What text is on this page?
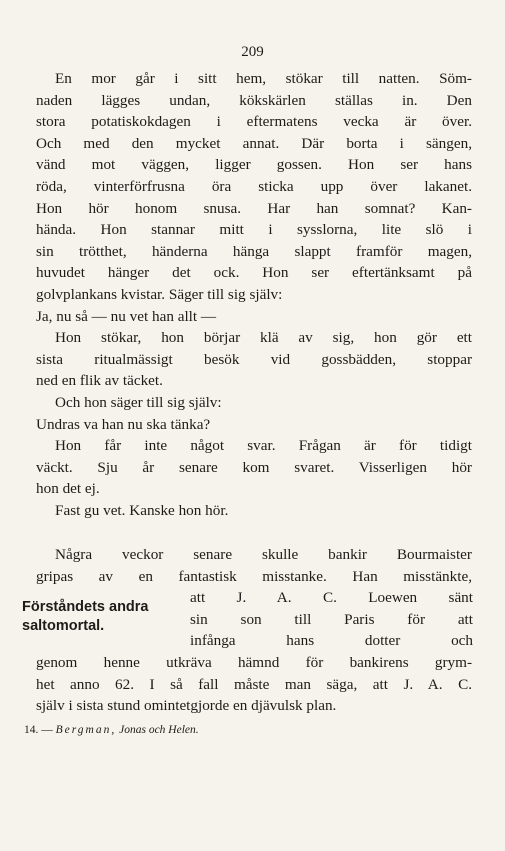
209
En mor går i sitt hem, stökar till natten. Söm-
naden lägges undan, kökskärlen ställas in. Den
stora potatiskokdagen i eftermatens vecka är över.
Och med den mycket annat. Där borta i sängen,
vänd mot väggen, ligger gossen. Hon ser hans
röda, vinterförfrusna öra sticka upp över lakanet.
Hon hör honom snusa. Har han somnat? Kan-
hända. Hon stannar mitt i sysslorna, lite slö i
sin trötthet, händerna hänga slappt framför magen,
huvudet hänger det ock. Hon ser eftertänksamt på
golvplankans kvistar. Säger till sig själv:
Ja, nu så — nu vet han allt —
Hon stökar, hon börjar klä av sig, hon gör ett
sista ritualmässigt besök vid gossbädden, stoppar
ned en flik av täcket.
Och hon säger till sig själv:
Undras va han nu ska tänka?
Hon får inte något svar. Frågan är för tidigt
väckt. Sju år senare kom svaret. Visserligen hör
hon det ej.
Fast gu vet. Kanske hon hör.
Några veckor senare skulle bankir Bourmaister
gripas av en fantastisk misstanke. Han misstänkte,
Förståndets andra
saltomortal.
att J. A. C. Loewen sänt
sin son till Paris för att
infånga hans dotter och
genom henne utkräva hämnd för bankirens grym-
het anno 62. I så fall måste man säga, att J. A. C.
själv i sista stund omintetgjorde en djävulsk plan.
14. — Bergman, Jonas och Helen.
